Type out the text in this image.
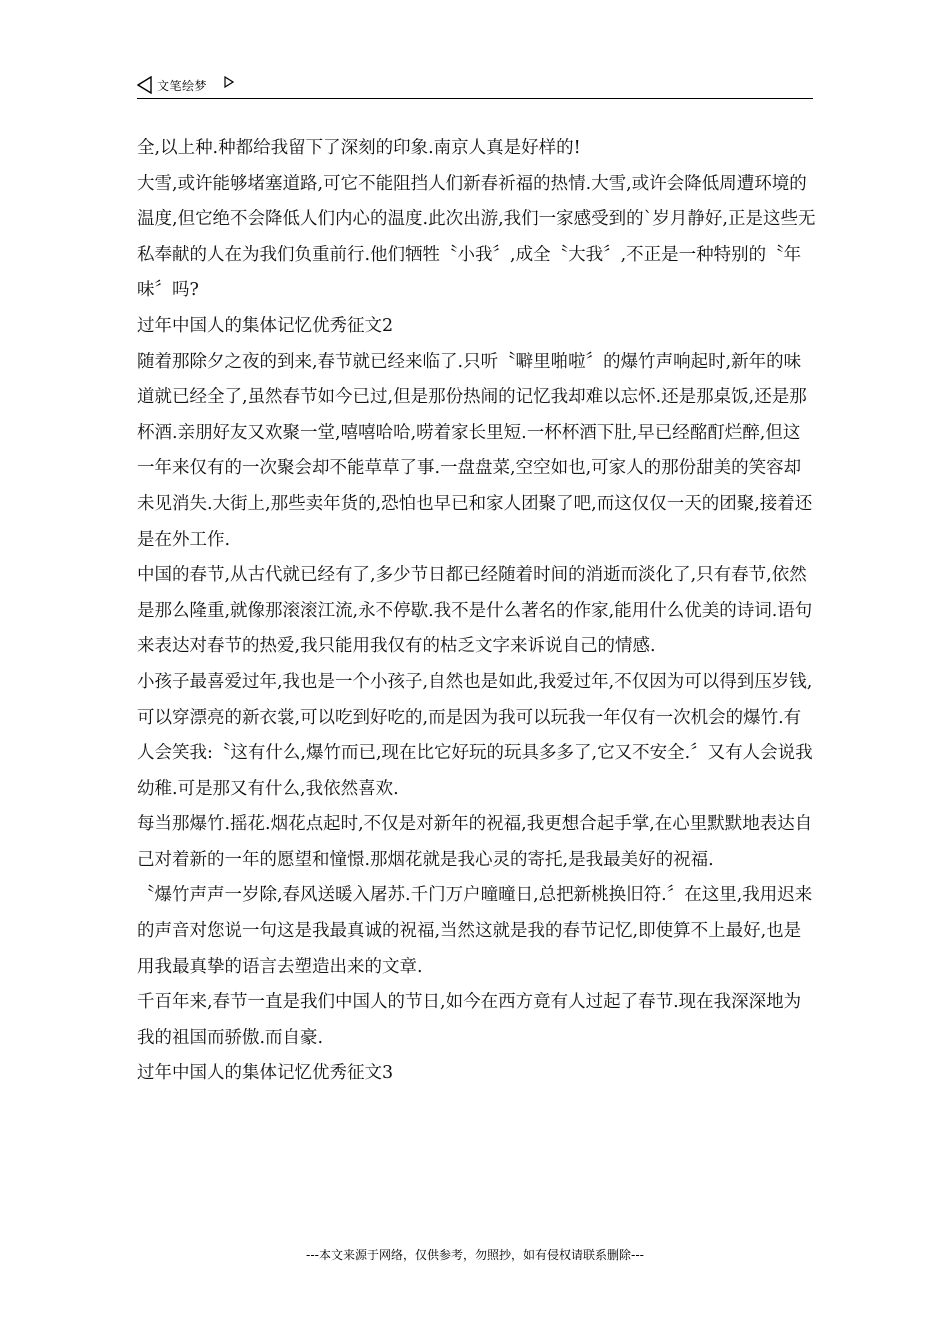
文笔绘梦

全,以上种.种都给我留下了深刻的印象.南京人真是好样的!

大雪,或许能够堵塞道路,可它不能阻挡人们新春祈福的热情.大雪,或许会降低周遭环境的温度,但它绝不会降低人们内心的温度.此次出游,我们一家感受到的`岁月静好,正是这些无私奉献的人在为我们负重前行.他们牺牲〝小我〞,成全〝大我〞,不正是一种特别的〝年味〞吗?

过年中国人的集体记忆优秀征文2

随着那除夕之夜的到来,春节就已经来临了.只听〝噼里啪啦〞的爆竹声响起时,新年的味道就已经全了,虽然春节如今已过,但是那份热闹的记忆我却难以忘怀.还是那桌饭,还是那杯酒.亲朋好友又欢聚一堂,嘻嘻哈哈,唠着家长里短.一杯杯酒下肚,早已经酩酊烂醉,但这一年来仅有的一次聚会却不能草草了事.一盘盘菜,空空如也,可家人的那份甜美的笑容却未见消失.大街上,那些卖年货的,恐怕也早已和家人团聚了吧,而这仅仅一天的团聚,接着还是在外工作.

中国的春节,从古代就已经有了,多少节日都已经随着时间的消逝而淡化了,只有春节,依然是那么隆重,就像那滚滚江流,永不停歇.我不是什么著名的作家,能用什么优美的诗词.语句来表达对春节的热爱,我只能用我仅有的枯乏文字来诉说自己的情感.

小孩子最喜爱过年,我也是一个小孩子,自然也是如此,我爱过年,不仅因为可以得到压岁钱,可以穿漂亮的新衣裳,可以吃到好吃的,而是因为我可以玩我一年仅有一次机会的爆竹.有人会笑我:〝这有什么,爆竹而已,现在比它好玩的玩具多多了,它又不安全.〞又有人会说我幼稚.可是那又有什么,我依然喜欢.

每当那爆竹.摇花.烟花点起时,不仅是对新年的祝福,我更想合起手掌,在心里默默地表达自己对着新的一年的愿望和憧憬.那烟花就是我心灵的寄托,是我最美好的祝福.

〝爆竹声声一岁除,春风送暖入屠苏.千门万户曈曈日,总把新桃换旧符.〞在这里,我用迟来的声音对您说一句这是我最真诚的祝福,当然这就是我的春节记忆,即使算不上最好,也是用我最真挚的语言去塑造出来的文章.

千百年来,春节一直是我们中国人的节日,如今在西方竟有人过起了春节.现在我深深地为我的祖国而骄傲.而自豪.

过年中国人的集体记忆优秀征文3

---本文来源于网络，仅供参考，勿照抄，如有侵权请联系删除---
